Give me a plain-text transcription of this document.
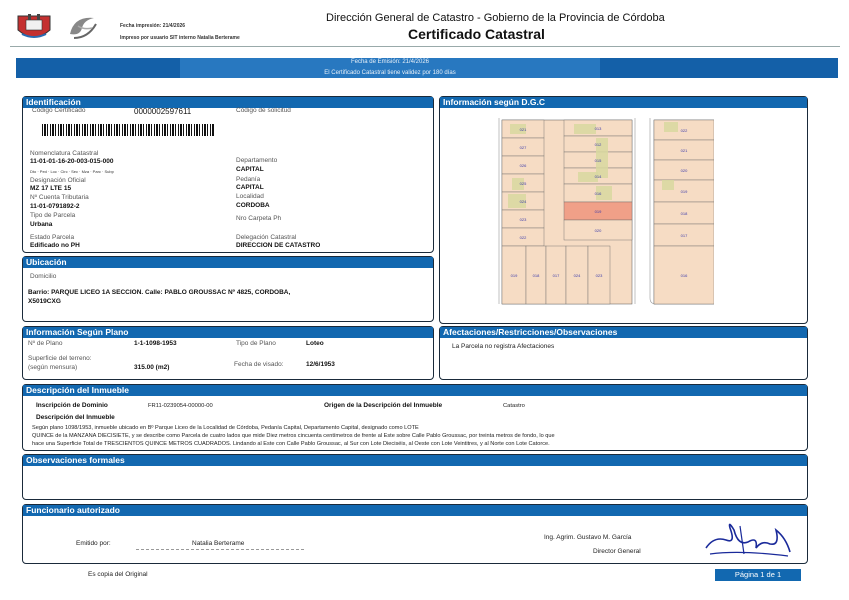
Fecha impresión: 21/4/2026
Impreso por usuario SIT interno Natalia Berterame
Dirección General de Catastro - Gobierno de la Provincia de Córdoba
Certificado Catastral
Fecha de Emisión: 21/4/2026
El Certificado Catastral tiene validez por 180 días
Identificación
Código Certificado	0000002597611	Código de solicitud
Nomenclatura Catastral
11-01-01-16-20-003-015-000
Dto · Ped · Loc · Circ · Sec · Mza · Parc · Subp
Designación Oficial
MZ 17 LTE 15
Nº Cuenta Tributaria
11-01-0791892-2
Tipo de Parcela
Urbana
Estado Parcela
Edificado no PH
Departamento
CAPITAL
Pedanía
CAPITAL
Localidad
CORDOBA
Nro Carpeta Ph
Delegación Catastral
DIRECCION DE CATASTRO
Información según D.G.C
021
027
026
025
024
023
022
013
012
015
014
016
019
020
019	018	017	024	023
022
021
020
019
018
017
016
Ubicación
Domicilio
Barrio: PARQUE LICEO 1A SECCION. Calle: PABLO GROUSSAC Nº 4825, CORDOBA,
X5019CXG
Información Según Plano
Nº de Plano	1-1-1098-1953	Tipo de Plano	Loteo
Superficie del terreno:
(según mensura)	315.00 (m2)	Fecha de visado:	12/6/1953
Afectaciones/Restricciones/Observaciones
La Parcela no registra Afectaciones
Descripción del Inmueble
Inscripción de Dominio	FR11-0239054-00000-00	Origen de la Descripción del Inmueble	Catastro
Descripción del Inmueble
Según plano 1098/1953, inmueble ubicado en Bº Parque Liceo de la Localidad de Córdoba, Pedanía Capital, Departamento Capital, designado como LOTE
QUINCE de la MANZANA DIECISIETE, y se describe como Parcela de cuatro lados que mide Diez metros cincuenta centímetros de frente al Este sobre Calle Pablo Groussac, por treinta metros de fondo, lo que
hace una Superficie Total de TRESCIENTOS QUINCE METROS CUADRADOS. Lindando al Este con Calle Pablo Groussac, al Sur con Lote Dieciséis, al Oeste con Lote Veintitres, y al Norte con Lote Catorce.
Observaciones formales
Funcionario autorizado
Emitido por:	Natalia Berterame
Ing. Agrim. Gustavo M. García
Director General
Es copia del Original	Página 1 de 1
